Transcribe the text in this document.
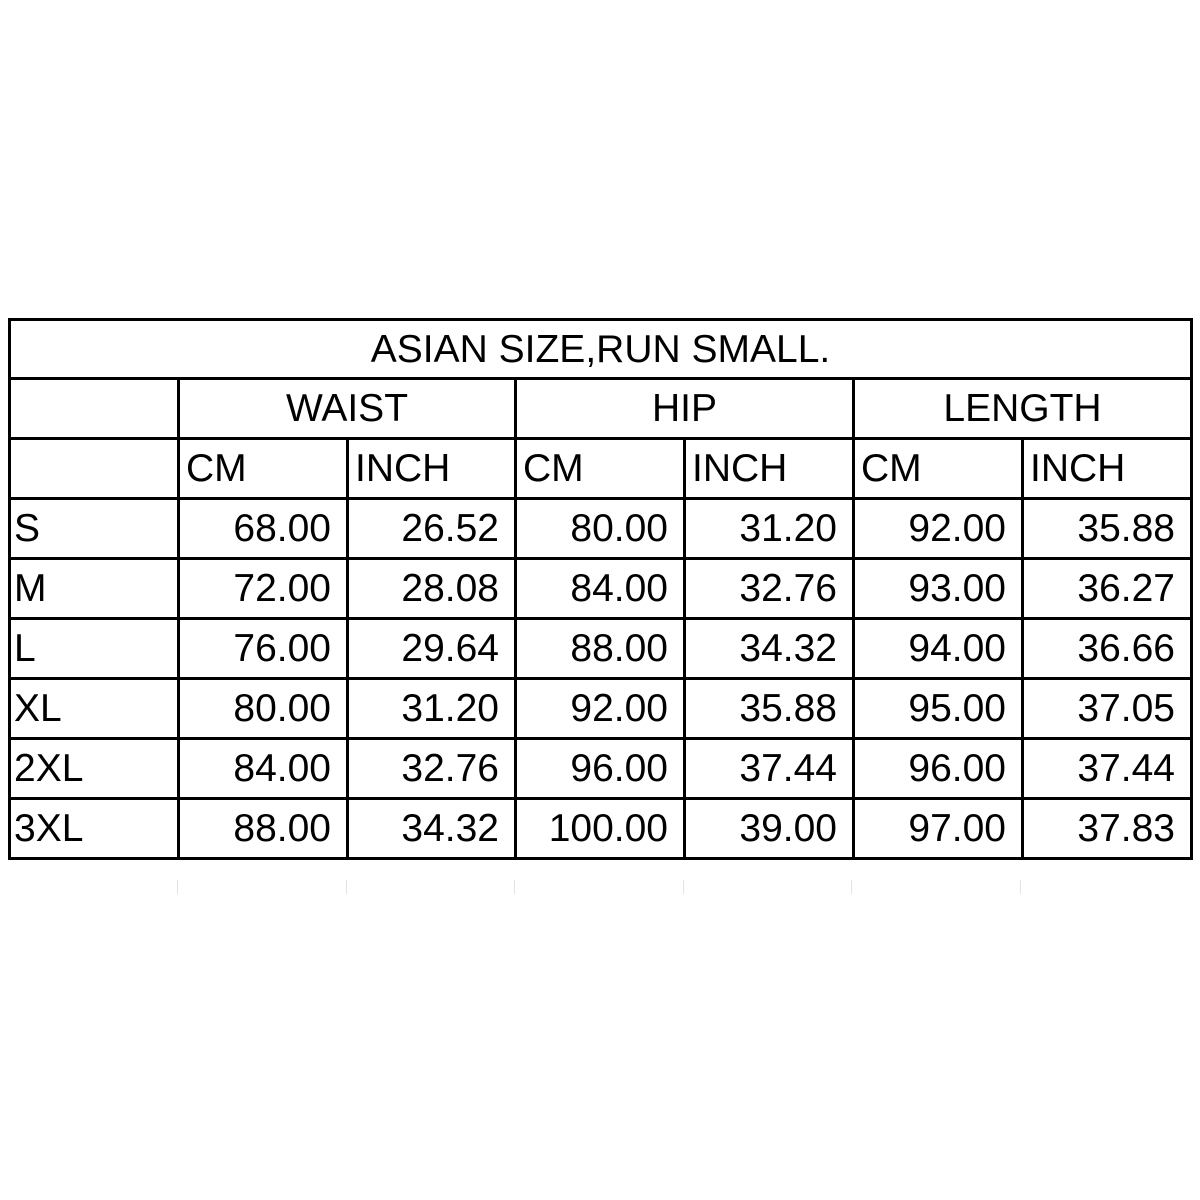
ASIAN SIZE,RUN SMALL.						
	WAIST		HIP		LENGTH	
	CM	INCH	CM	INCH	CM	INCH
S	68.00	26.52	80.00	31.20	92.00	35.88
M	72.00	28.08	84.00	32.76	93.00	36.27
L	76.00	29.64	88.00	34.32	94.00	36.66
XL	80.00	31.20	92.00	35.88	95.00	37.05
2XL	84.00	32.76	96.00	37.44	96.00	37.44
3XL	88.00	34.32	100.00	39.00	97.00	37.83
